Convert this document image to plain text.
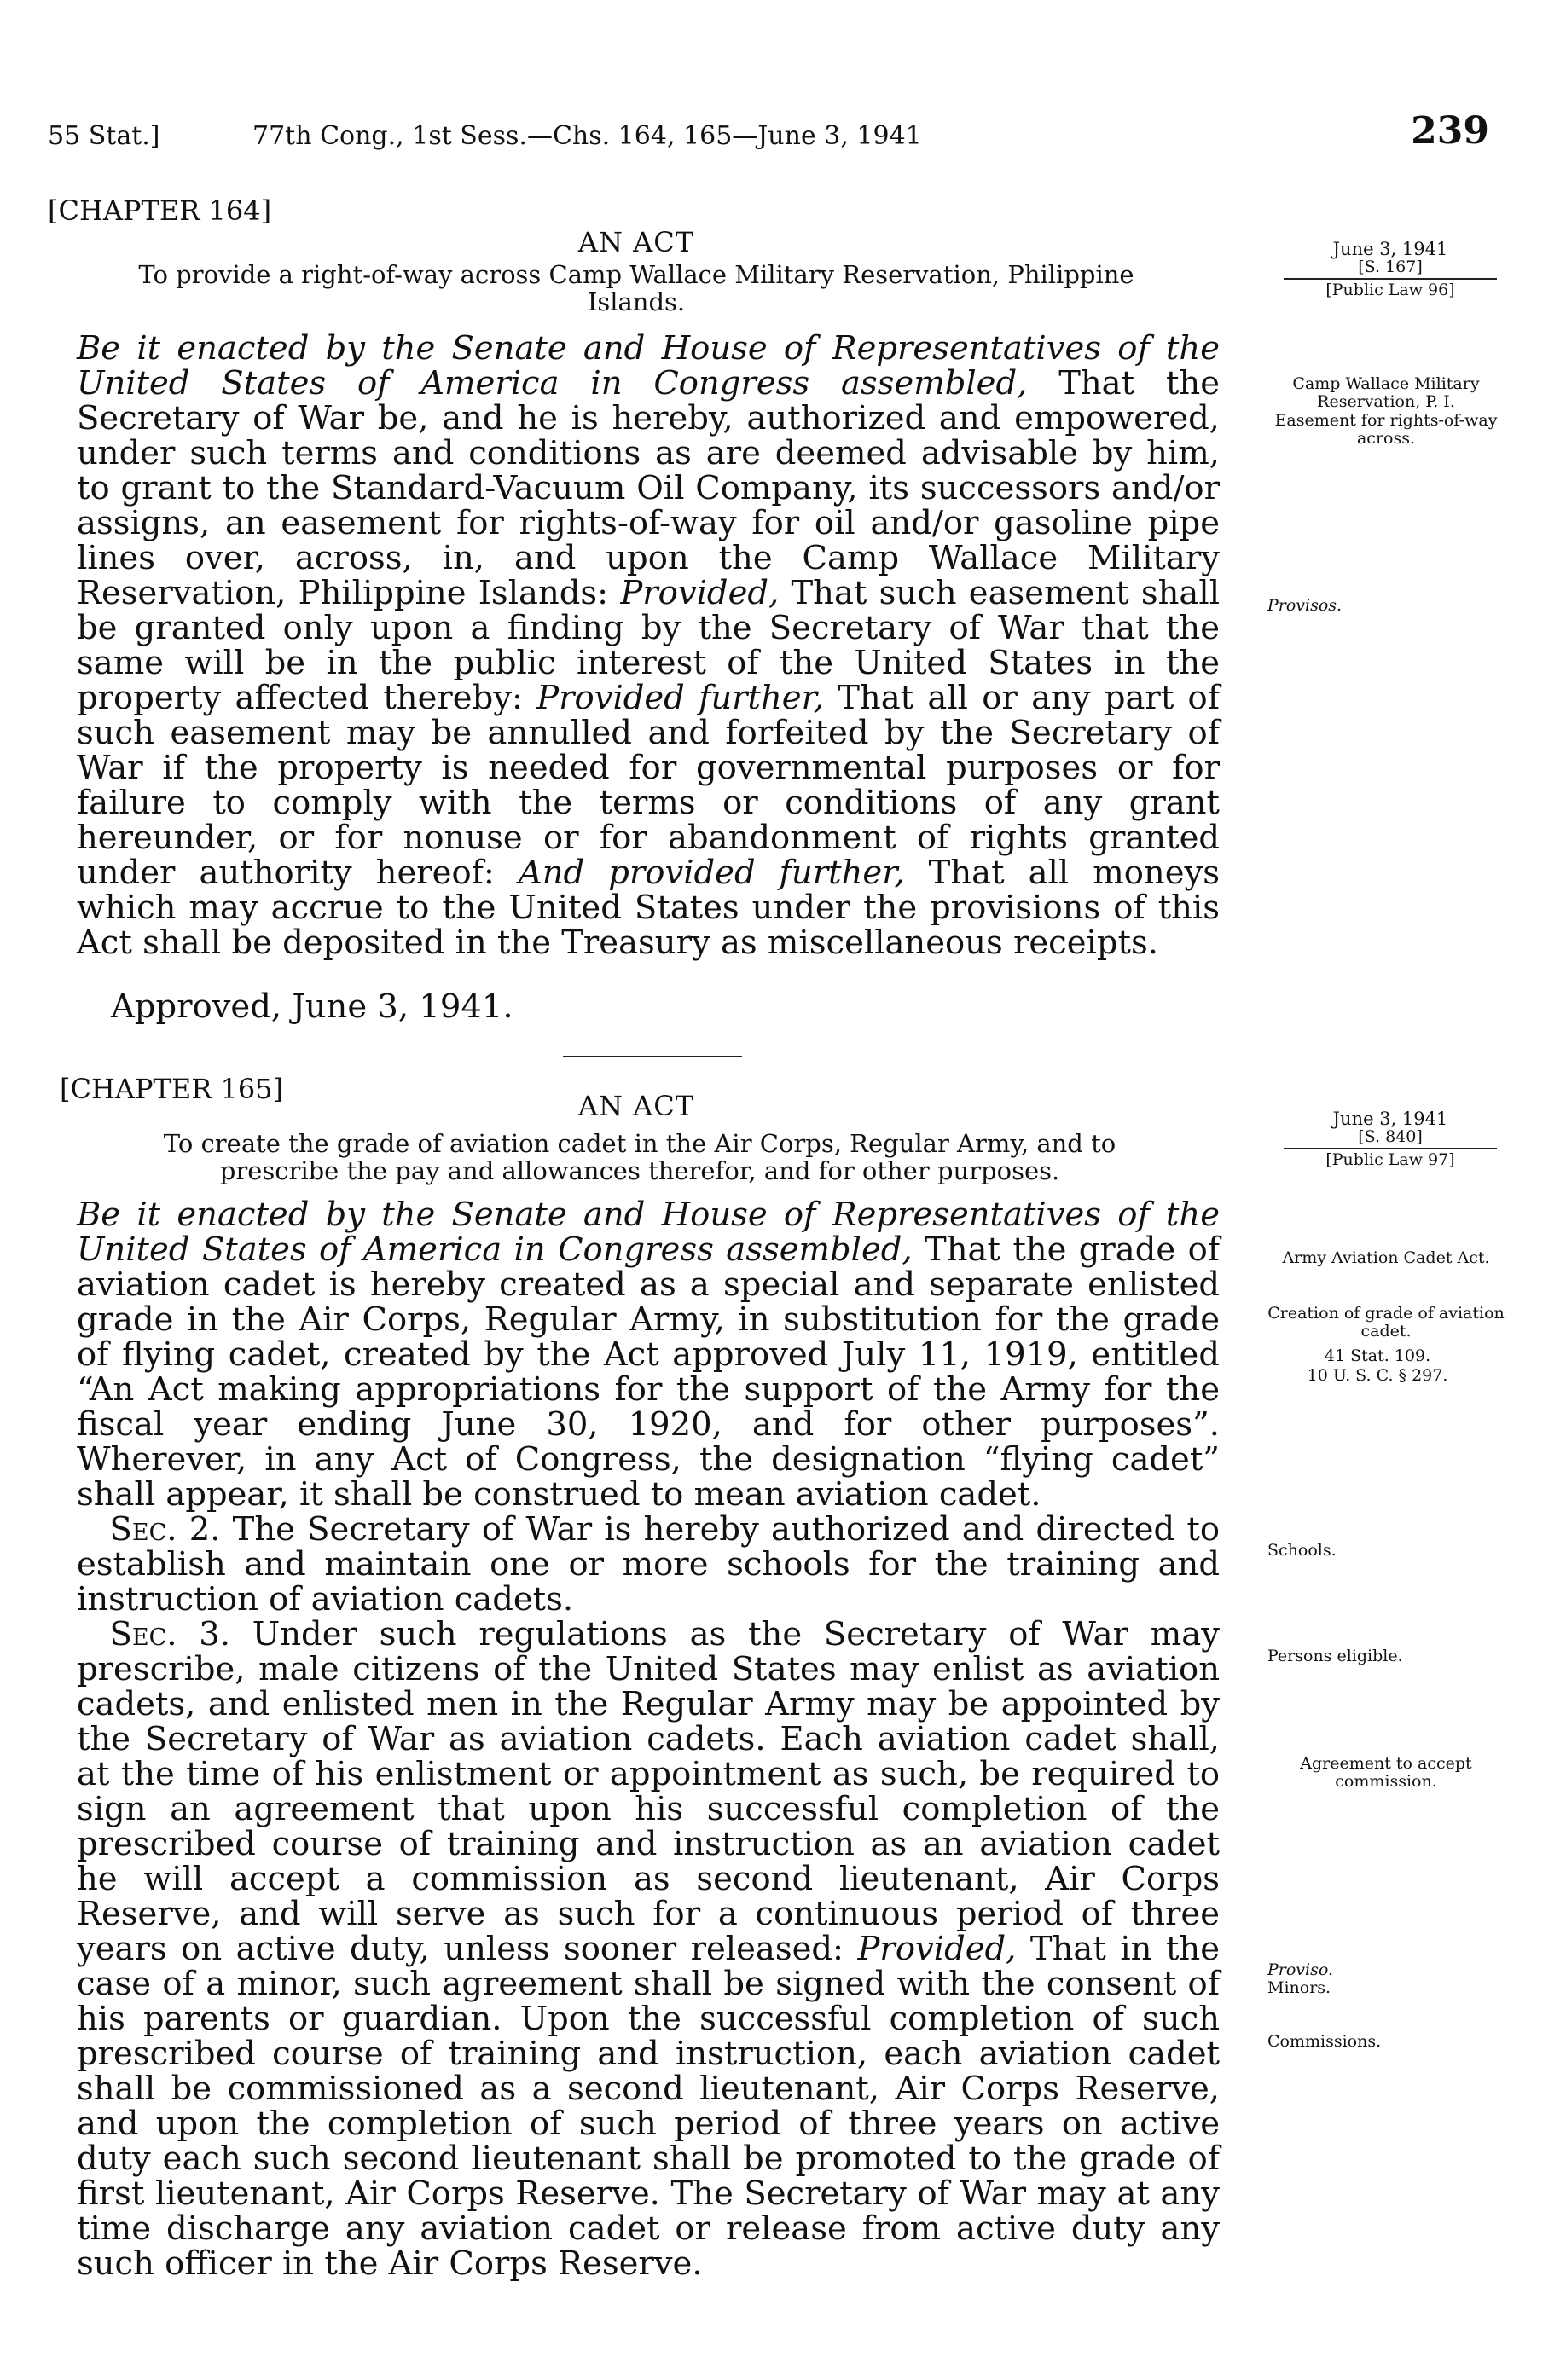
55 Stat.]	77th Cong., 1st Sess.—Chs. 164, 165—June 3, 1941	239
[CHAPTER 164]
AN ACT
To provide a right-of-way across Camp Wallace Military Reservation, Philippine
Islands.
June 3, 1941
[S. 167]
[Public Law 96]
Camp Wallace Military Reservation, P. I.
Easement for rights-of-way across.
Provisos.

Be it enacted by the Senate and House of Representatives of the United States of America in Congress assembled, That the Secretary of War be, and he is hereby, authorized and empowered, under such terms and conditions as are deemed advisable by him, to grant to the Standard-Vacuum Oil Company, its successors and/or assigns, an easement for rights-of-way for oil and/or gasoline pipe lines over, across, in, and upon the Camp Wallace Military Reservation, Philippine Islands: Provided, That such easement shall be granted only upon a finding by the Secretary of War that the same will be in the public interest of the United States in the property affected thereby: Provided further, That all or any part of such easement may be annulled and forfeited by the Secretary of War if the property is needed for governmental purposes or for failure to comply with the terms or conditions of any grant hereunder, or for nonuse or for abandonment of rights granted under authority hereof: And provided further, That all moneys which may accrue to the United States under the provisions of this Act shall be deposited in the Treasury as miscellaneous receipts.

Approved, June 3, 1941.
[CHAPTER 165]
AN ACT
To create the grade of aviation cadet in the Air Corps, Regular Army, and to
prescribe the pay and allowances therefor, and for other purposes.
June 3, 1941
[S. 840]
[Public Law 97]
Army Aviation Cadet Act.
Creation of grade of aviation cadet.
41 Stat. 109.
10 U. S. C. § 297.
Schools.
Persons eligible.
Agreement to accept commission.
Proviso.
Minors.
Commissions.

Be it enacted by the Senate and House of Representatives of the United States of America in Congress assembled, That the grade of aviation cadet is hereby created as a special and separate enlisted grade in the Air Corps, Regular Army, in substitution for the grade of flying cadet, created by the Act approved July 11, 1919, entitled “An Act making appropriations for the support of the Army for the fiscal year ending June 30, 1920, and for other purposes”. Wherever, in any Act of Congress, the designation “flying cadet” shall appear, it shall be construed to mean aviation cadet.

 Sec. 2. The Secretary of War is hereby authorized and directed to establish and maintain one or more schools for the training and instruction of aviation cadets.

 Sec. 3. Under such regulations as the Secretary of War may prescribe, male citizens of the United States may enlist as aviation cadets, and enlisted men in the Regular Army may be appointed by the Secretary of War as aviation cadets. Each aviation cadet shall, at the time of his enlistment or appointment as such, be required to sign an agreement that upon his successful completion of the prescribed course of training and instruction as an aviation cadet he will accept a commission as second lieutenant, Air Corps Reserve, and will serve as such for a continuous period of three years on active duty, unless sooner released: Provided, That in the case of a minor, such agreement shall be signed with the consent of his parents or guardian. Upon the successful completion of such prescribed course of training and instruction, each aviation cadet shall be commissioned as a second lieutenant, Air Corps Reserve, and upon the completion of such period of three years on active duty each such second lieutenant shall be promoted to the grade of first lieutenant, Air Corps Reserve. The Secretary of War may at any time discharge any aviation cadet or release from active duty any such officer in the Air Corps Reserve.
